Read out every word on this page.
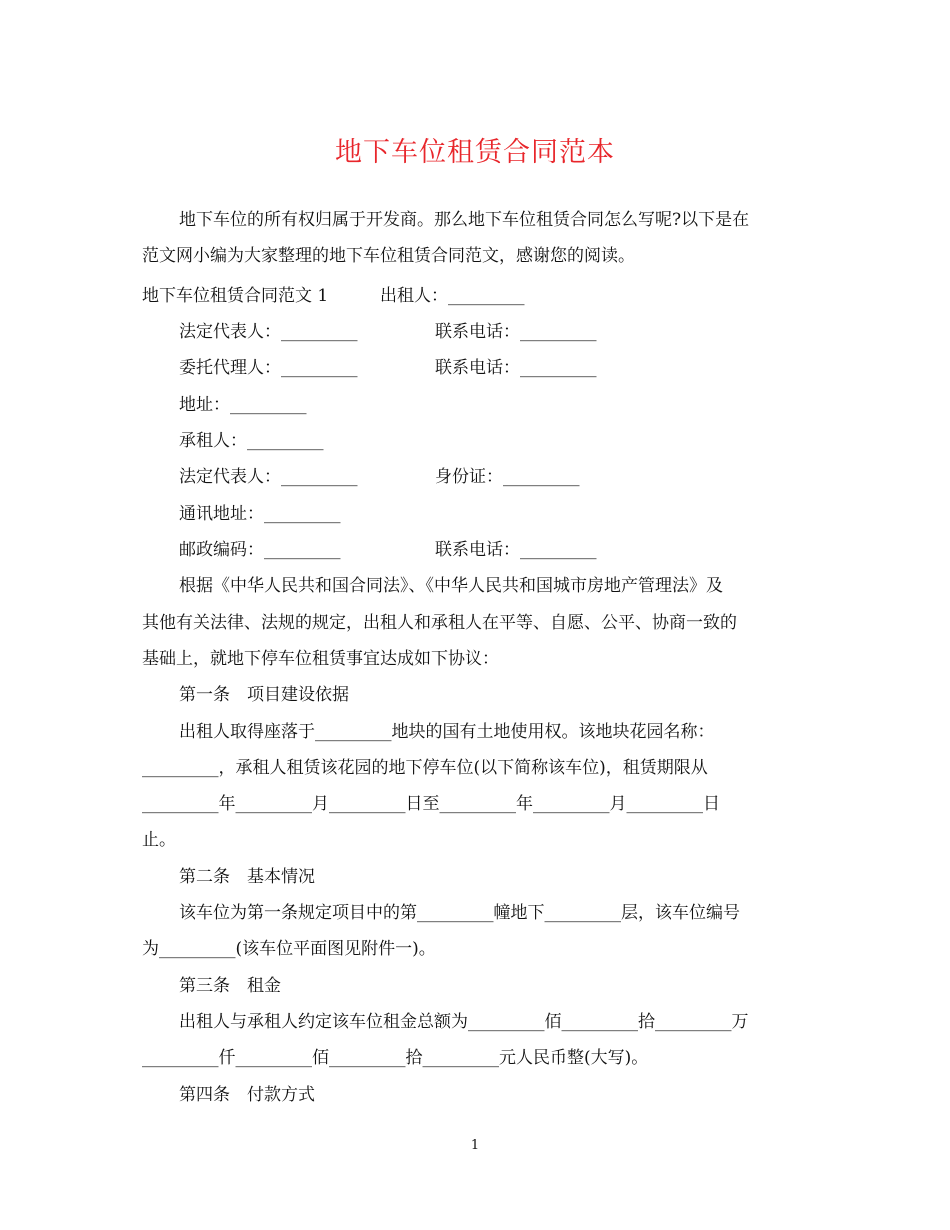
地下车位租赁合同范本
地下车位的所有权归属于开发商。那么地下车位租赁合同怎么写呢?以下是在
范文网小编为大家整理的地下车位租赁合同范文，感谢您的阅读。
地下车位租赁合同范文 1	出租人：_________
法定代表人：_________	联系电话：_________
委托代理人：_________	联系电话：_________
地址：_________
承租人：_________
法定代表人：_________	身份证：_________
通讯地址：_________
邮政编码：_________	联系电话：_________
根据《中华人民共和国合同法》、《中华人民共和国城市房地产管理法》及
其他有关法律、法规的规定，出租人和承租人在平等、自愿、公平、协商一致的
基础上，就地下停车位租赁事宜达成如下协议：
第一条　项目建设依据
出租人取得座落于_________地块的国有土地使用权。该地块花园名称：
_________，承租人租赁该花园的地下停车位(以下简称该车位)，租赁期限从
_________年_________月_________日至_________年_________月_________日
止。
第二条　基本情况
该车位为第一条规定项目中的第_________幢地下_________层，该车位编号
为_________(该车位平面图见附件一)。
第三条　租金
出租人与承租人约定该车位租金总额为_________佰_________拾_________万
_________仟_________佰_________拾_________元人民币整(大写)。
第四条　付款方式
1
